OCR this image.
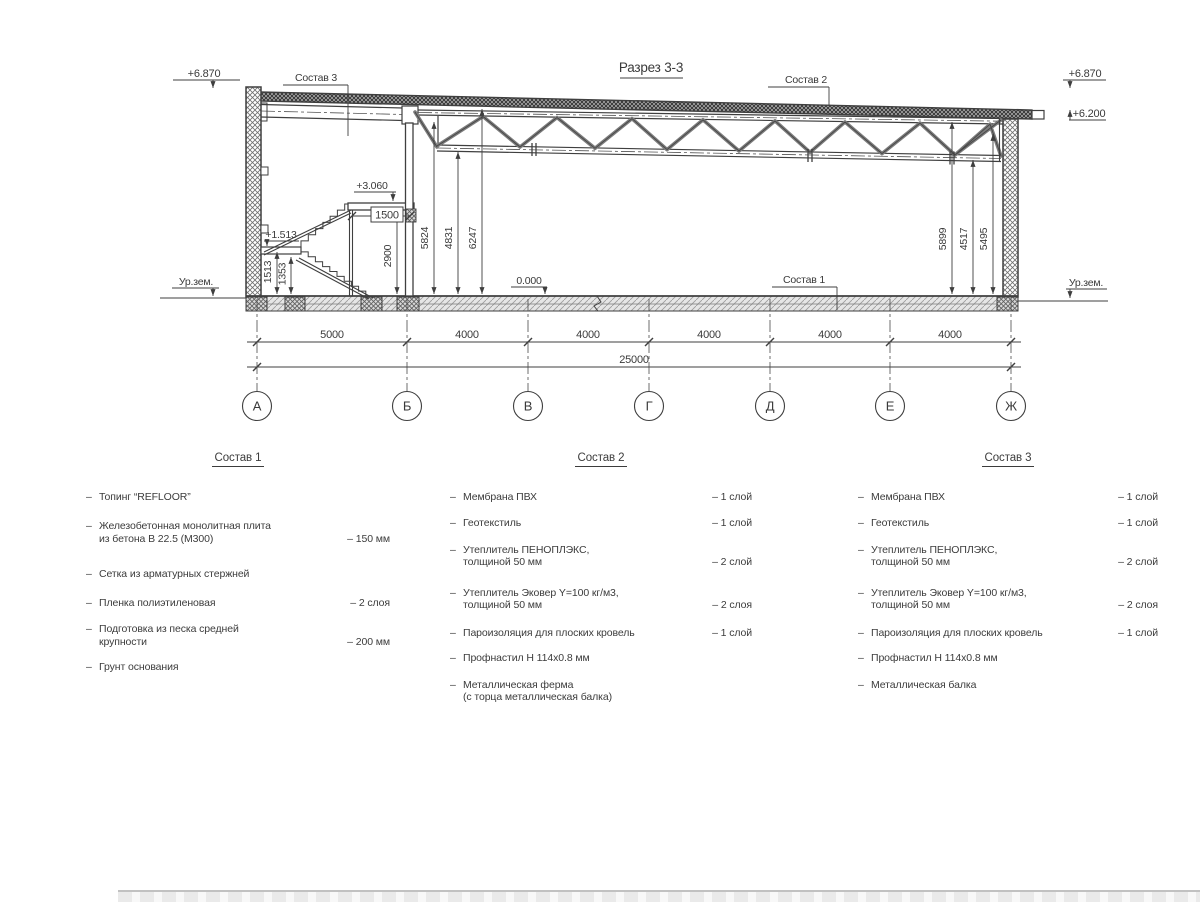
+6.870	Состав 3
Разрез 3-3
Состав 2	+6.870
+6.200
+3.060
+1.513
0.000
Ур.зем.	Ур.зем.
Состав 1
1513 1353
2900
5824 4831 6247	5899 4517 5495
1500
5000	4000	4000	4000	4000	4000
25000
А	Б	В	Г	Д	Е	Ж
Состав 1
– Топинг “REFLOOR”
– Железобетонная монолитная плита
из бетона В 22.5 (М300)	– 150 мм
– Сетка из арматурных стержней
– Пленка полиэтиленовая	– 2 слоя
– Подготовка из песка средней
крупности	– 200 мм
– Грунт основания
Состав 2
– Мембрана ПВХ	– 1 слой
– Геотекстиль	– 1 слой
– Утеплитель ПЕНОПЛЭКС,
толщиной 50 мм	– 2 слой
– Утеплитель Эковер Y=100 кг/м3,
толщиной 50 мм	– 2 слоя
– Пароизоляция для плоских кровель	– 1 слой
– Профнастил Н 114х0.8 мм
– Металлическая ферма
(с торца металлическая балка)
Состав 3
– Мембрана ПВХ	– 1 слой
– Геотекстиль	– 1 слой
– Утеплитель ПЕНОПЛЭКС,
толщиной 50 мм	– 2 слой
– Утеплитель Эковер Y=100 кг/м3,
толщиной 50 мм	– 2 слоя
– Пароизоляция для плоских кровель	– 1 слой
– Профнастил Н 114х0.8 мм
– Металлическая балка
